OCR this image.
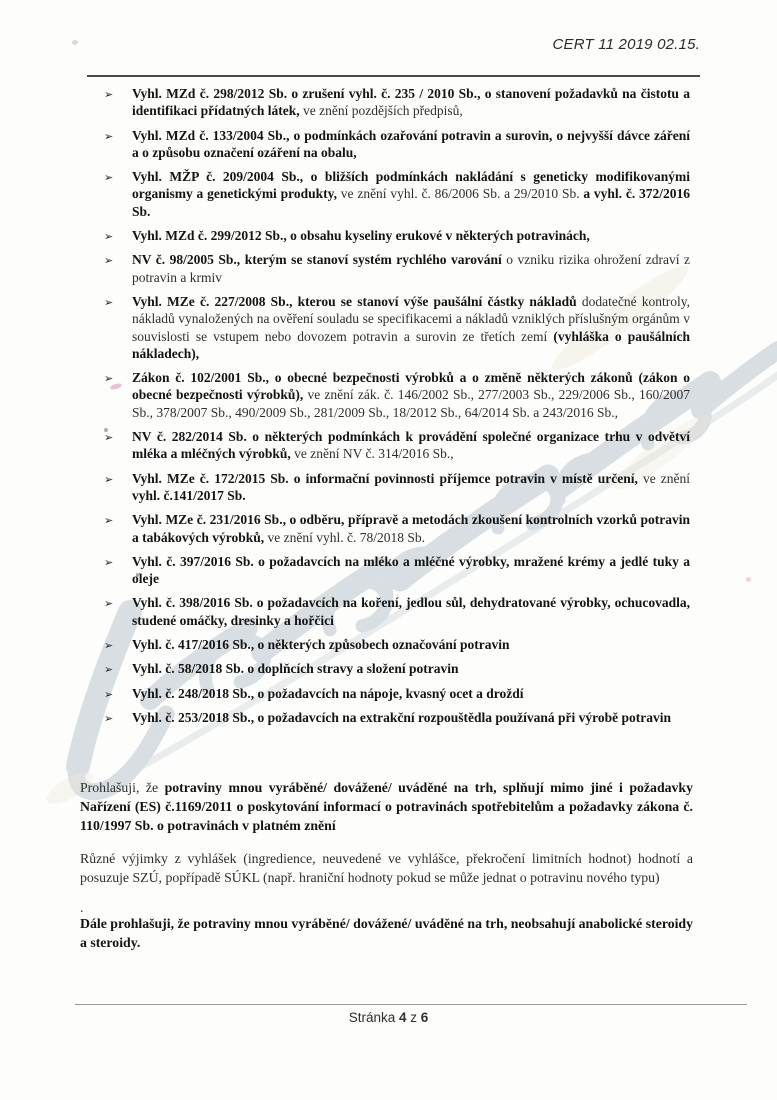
CERT 11 2019 02.15.
➢ Vyhl. MZd č. 298/2012 Sb. o zrušení vyhl. č. 235 / 2010 Sb., o stanovení požadavků na čistotu a identifikaci přídatných látek, ve znění pozdějších předpisů,
➢ Vyhl. MZd č. 133/2004 Sb., o podmínkách ozařování potravin a surovin, o nejvyšší dávce záření a o způsobu označení ozáření na obalu,
➢ Vyhl. MŽP č. 209/2004 Sb., o bližších podmínkách nakládání s geneticky modifikovanými organismy a genetickými produkty, ve znění vyhl. č. 86/2006 Sb. a 29/2010 Sb. a vyhl. č. 372/2016 Sb.
➢ Vyhl. MZd č. 299/2012 Sb., o obsahu kyseliny erukové v některých potravinách,
➢ NV č. 98/2005 Sb., kterým se stanoví systém rychlého varování o vzniku rizika ohrožení zdraví z potravin a krmiv
➢ Vyhl. MZe č. 227/2008 Sb., kterou se stanoví výše paušální částky nákladů dodatečné kontroly, nákladů vynaložených na ověření souladu se specifikacemi a nákladů vzniklých příslušným orgánům v souvislosti se vstupem nebo dovozem potravin a surovin ze třetích zemí (vyhláška o paušálních nákladech),
➢ Zákon č. 102/2001 Sb., o obecné bezpečnosti výrobků a o změně některých zákonů (zákon o obecné bezpečnosti výrobků), ve znění zák. č. 146/2002 Sb., 277/2003 Sb., 229/2006 Sb., 160/2007 Sb., 378/2007 Sb., 490/2009 Sb., 281/2009 Sb., 18/2012 Sb., 64/2014 Sb. a 243/2016 Sb.,
➢ NV č. 282/2014 Sb. o některých podmínkách k provádění společné organizace trhu v odvětví mléka a mléčných výrobků, ve znění NV č. 314/2016 Sb.,
➢ Vyhl. MZe č. 172/2015 Sb. o informační povinnosti příjemce potravin v místě určení, ve znění vyhl. č.141/2017 Sb.
➢ Vyhl. MZe č. 231/2016 Sb., o odběru, přípravě a metodách zkoušení kontrolních vzorků potravin a tabákových výrobků, ve znění vyhl. č. 78/2018 Sb.
➢ Vyhl. č. 397/2016 Sb. o požadavcích na mléko a mléčné výrobky, mražené krémy a jedlé tuky a oleje
➢ Vyhl. č. 398/2016 Sb. o požadavcích na koření, jedlou sůl, dehydratované výrobky, ochucovadla, studené omáčky, dresinky a hořčici
➢ Vyhl. č. 417/2016 Sb., o některých způsobech označování potravin
➢ Vyhl. č. 58/2018 Sb. o doplňcích stravy a složení potravin
➢ Vyhl. č. 248/2018 Sb., o požadavcích na nápoje, kvasný ocet a droždí
➢ Vyhl. č. 253/2018 Sb., o požadavcích na extrakční rozpouštědla používaná při výrobě potravin

Prohlašuji, že potraviny mnou vyráběné/ dovážené/ uváděné na trh, splňují mimo jiné i požadavky Nařízení (ES) č.1169/2011 o poskytování informací o potravinách spotřebitelům a požadavky zákona č. 110/1997 Sb. o potravinách v platném znění

Různé výjimky z vyhlášek (ingredience, neuvedené ve vyhlášce, překročení limitních hodnot) hodnotí a posuzuje SZÚ, popřípadě SÚKL (např. hraniční hodnoty pokud se může jednat o potravinu nového typu)

.

Dále prohlašuji, že potraviny mnou vyráběné/ dovážené/ uváděné na trh, neobsahují anabolické steroidy a steroidy.

Stránka 4 z 6
